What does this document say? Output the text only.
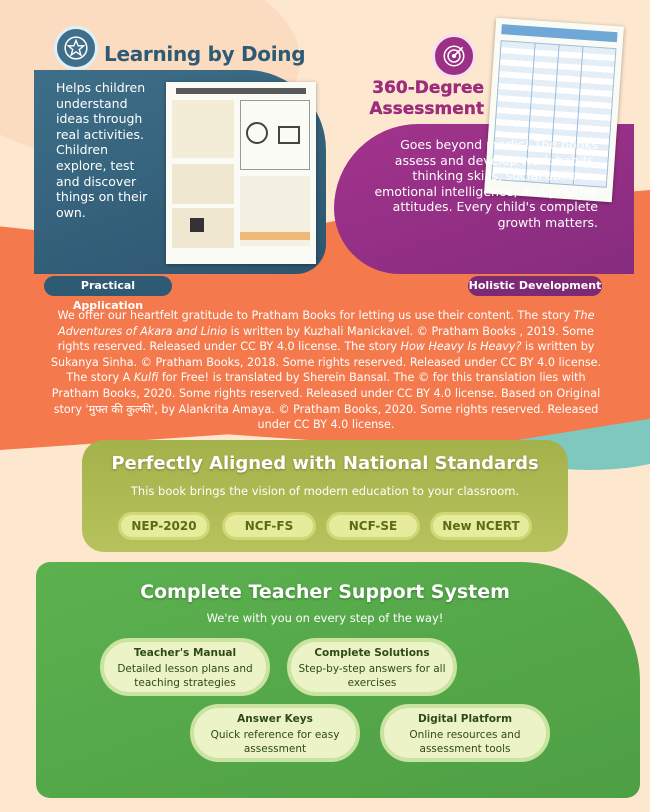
Learning by Doing
Helps children understand ideas through real activities. Children explore, test and discover things on their own.
360-Degree Assessment
Goes beyond marks! The books assess and develop work habits, thinking skills, social abilities, emotional intelligence, and positive attitudes. Every child's complete growth matters.
Practical Application
Holistic Development
We offer our heartfelt gratitude to Pratham Books for letting us use their content. The story The Adventures of Akara and Linio is written by Kuzhali Manickavel. © Pratham Books , 2019. Some rights reserved. Released under CC BY 4.0 license. The story How Heavy Is Heavy? is written by Sukanya Sinha. © Pratham Books, 2018. Some rights reserved. Released under CC BY 4.0 license. The story A Kulfi for Free! is translated by Sherein Bansal. The © for this translation lies with Pratham Books, 2020. Some rights reserved. Released under CC BY 4.0 license. Based on Original story 'मुफ्त की कुल्फी', by Alankrita Amaya. © Pratham Books, 2020. Some rights reserved. Released under CC BY 4.0 license.
Perfectly Aligned with National Standards
This book brings the vision of modern education to your classroom.
NEP-2020	NCF-FS	NCF-SE	New NCERT
Complete Teacher Support System
We're with you on every step of the way!
Teacher's Manual
Detailed lesson plans and teaching strategies
Complete Solutions
Step-by-step answers for all exercises
Answer Keys
Quick reference for easy assessment
Digital Platform
Online resources and assessment tools
